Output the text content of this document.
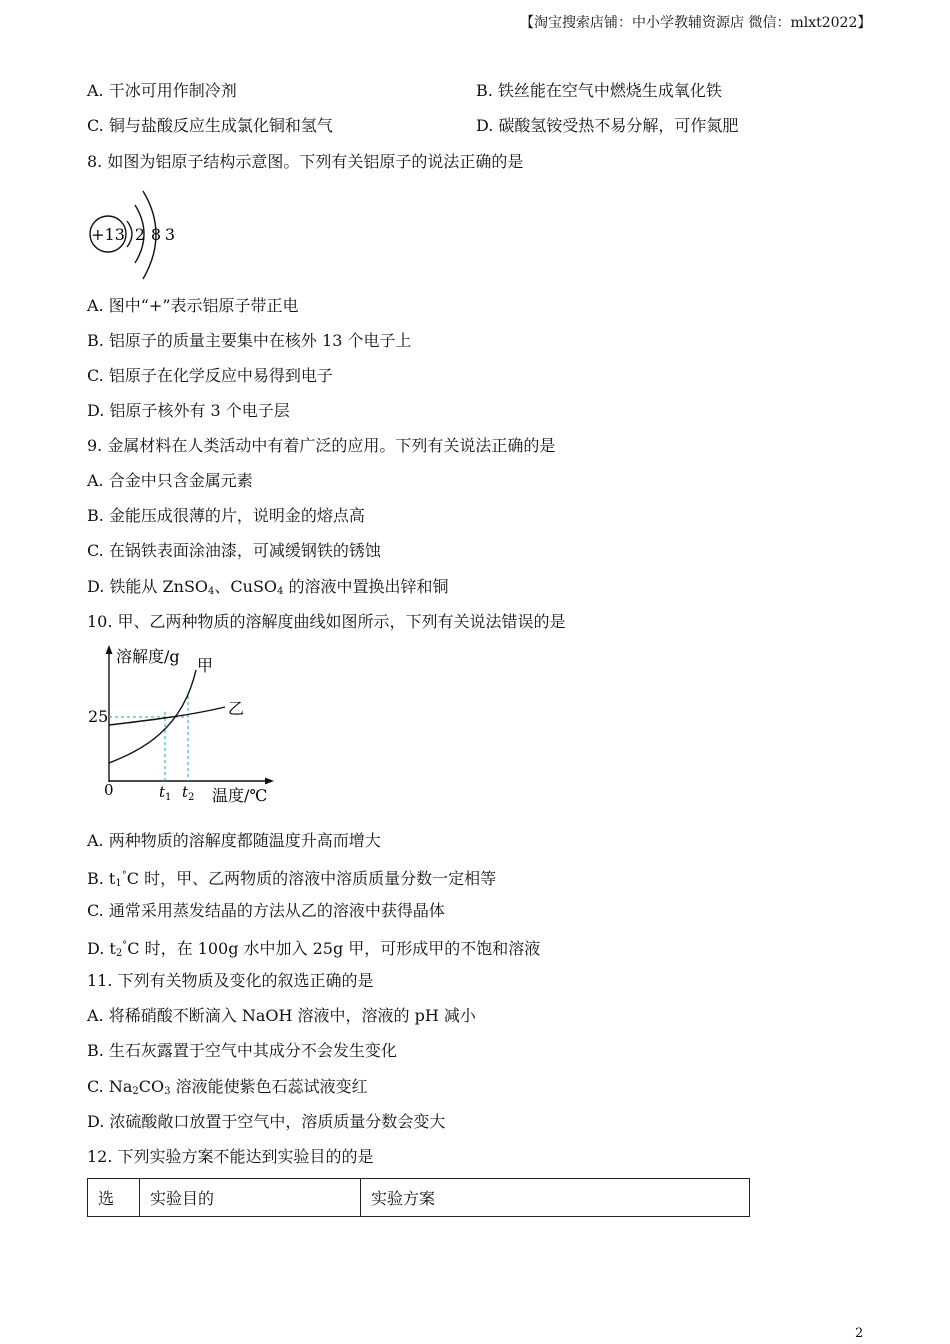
【淘宝搜索店铺：中小学教辅资源店 微信：mlxt2022】
A. 干冰可用作制冷剂	B. 铁丝能在空气中燃烧生成氧化铁
C. 铜与盐酸反应生成氯化铜和氢气	D. 碳酸氢铵受热不易分解，可作氮肥
8. 如图为铝原子结构示意图。下列有关铝原子的说法正确的是
+13 2 8 3
A. 图中“+”表示铝原子带正电
B. 铝原子的质量主要集中在核外 13 个电子上
C. 铝原子在化学反应中易得到电子
D. 铝原子核外有 3 个电子层
9. 金属材料在人类活动中有着广泛的应用。下列有关说法正确的是
A. 合金中只含金属元素
B. 金能压成很薄的片，说明金的熔点高
C. 在锅铁表面涂油漆，可减缓钢铁的锈蚀
D. 铁能从 ZnSO$_4$、CuSO$_4$ 的溶液中置换出锌和铜
10. 甲、乙两种物质的溶解度曲线如图所示，下列有关说法错误的是
溶解度/g 甲
乙
25
0	$t_1$ $t_2$ 温度/℃
A. 两种物质的溶解度都随温度升高而增大
B. $t_1^\circ C$ 时，甲、乙两物质的溶液中溶质质量分数一定相等
C. 通常采用蒸发结晶的方法从乙的溶液中获得晶体
D. $t_2^\circ C$ 时，在 100g 水中加入 25g 甲，可形成甲的不饱和溶液
11. 下列有关物质及变化的叙选正确的是
A. 将稀硝酸不断滴入 NaOH 溶液中，溶液的 pH 减小
B. 生石灰露置于空气中其成分不会发生变化
C. $Na_2CO_3$ 溶液能使紫色石蕊试液变红
D. 浓硫酸敞口放置于空气中，溶质质量分数会变大
12. 下列实验方案不能达到实验目的的是
选	实验目的	实验方案
2
